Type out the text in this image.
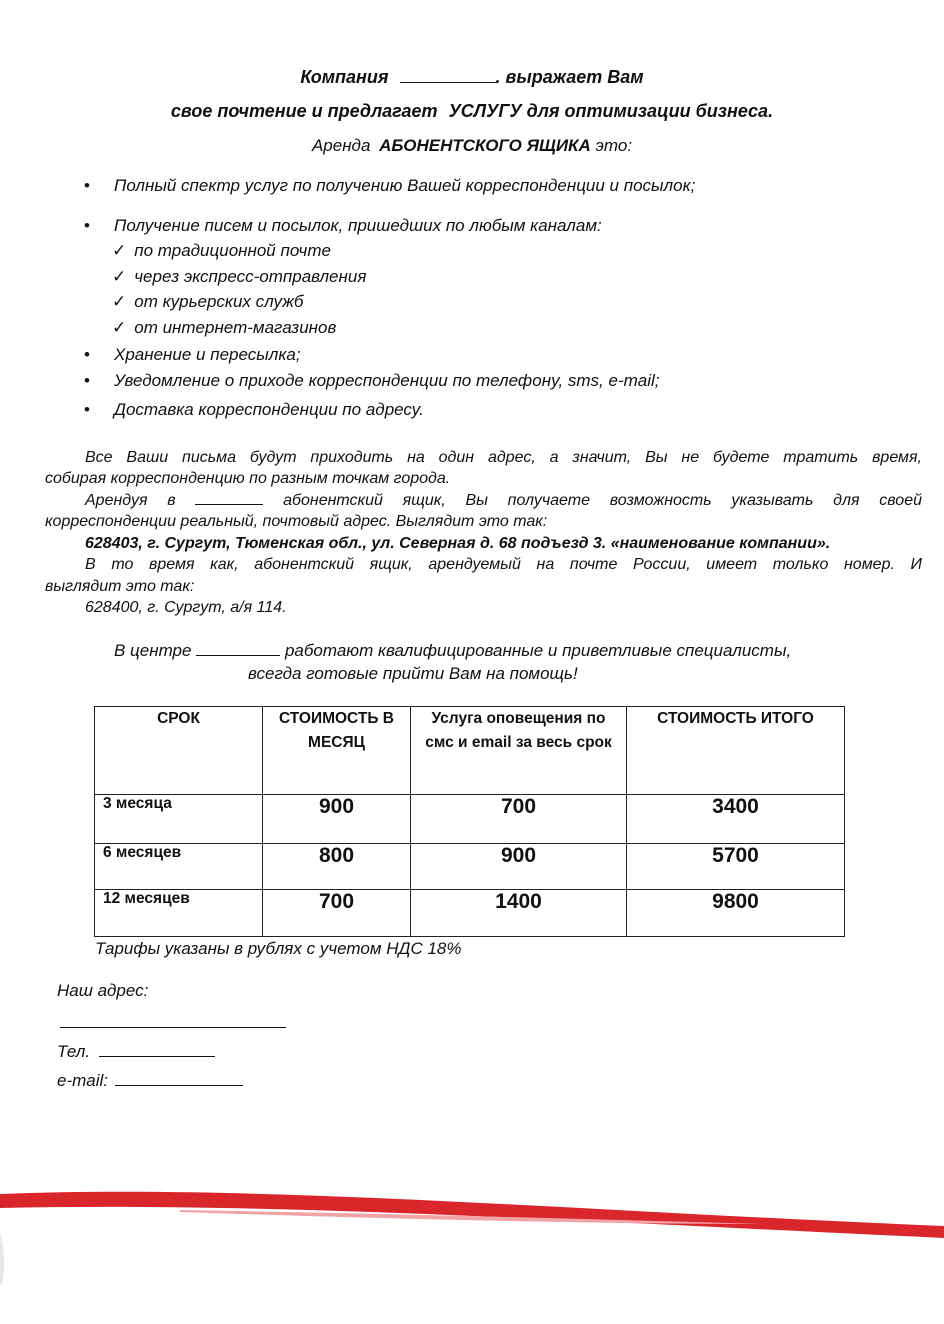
Компания	. выражает Вам
свое почтение и предлагает УСЛУГУ для оптимизации бизнеса.
Аренда АБОНЕНТСКОГО ЯЩИКА это:
• Полный спектр услуг по получению Вашей корреспонденции и посылок;
• Получение писем и посылок, пришедших по любым каналам:
✓ по традиционной почте
✓ через экспресс-отправления
✓ от курьерских служб
✓ от интернет-магазинов
• Хранение и пересылка;
• Уведомление о приходе корреспонденции по телефону, sms, e-mail;
• Доставка корреспонденции по адресу.
Все Ваши письма будут приходить на один адрес, а значит, Вы не будете тратить время,
собирая корреспонденцию по разным точкам города.
Арендуя в	абонентский ящик, Вы получаете возможность указывать для своей
корреспонденции реальный, почтовый адрес. Выглядит это так:
628403, г. Сургут, Тюменская обл., ул. Северная д. 68 подъезд 3. «наименование компании».
В то время как, абонентский ящик, арендуемый на почте России, имеет только номер. И
выглядит это так:
628400, г. Сургут, а/я 114.
В центре	работают квалифицированные и приветливые специалисты,
всегда готовые прийти Вам на помощь!
СРОК	СТОИМОСТЬ В МЕСЯЦ	Услуга оповещения по смс и email за весь срок	СТОИМОСТЬ ИТОГО
3 месяца	900	700	3400
6 месяцев	800	900	5700
12 месяцев	700	1400	9800
Тарифы указаны в рублях с учетом НДС 18%
Наш адрес:
Тел.
e-mail:
